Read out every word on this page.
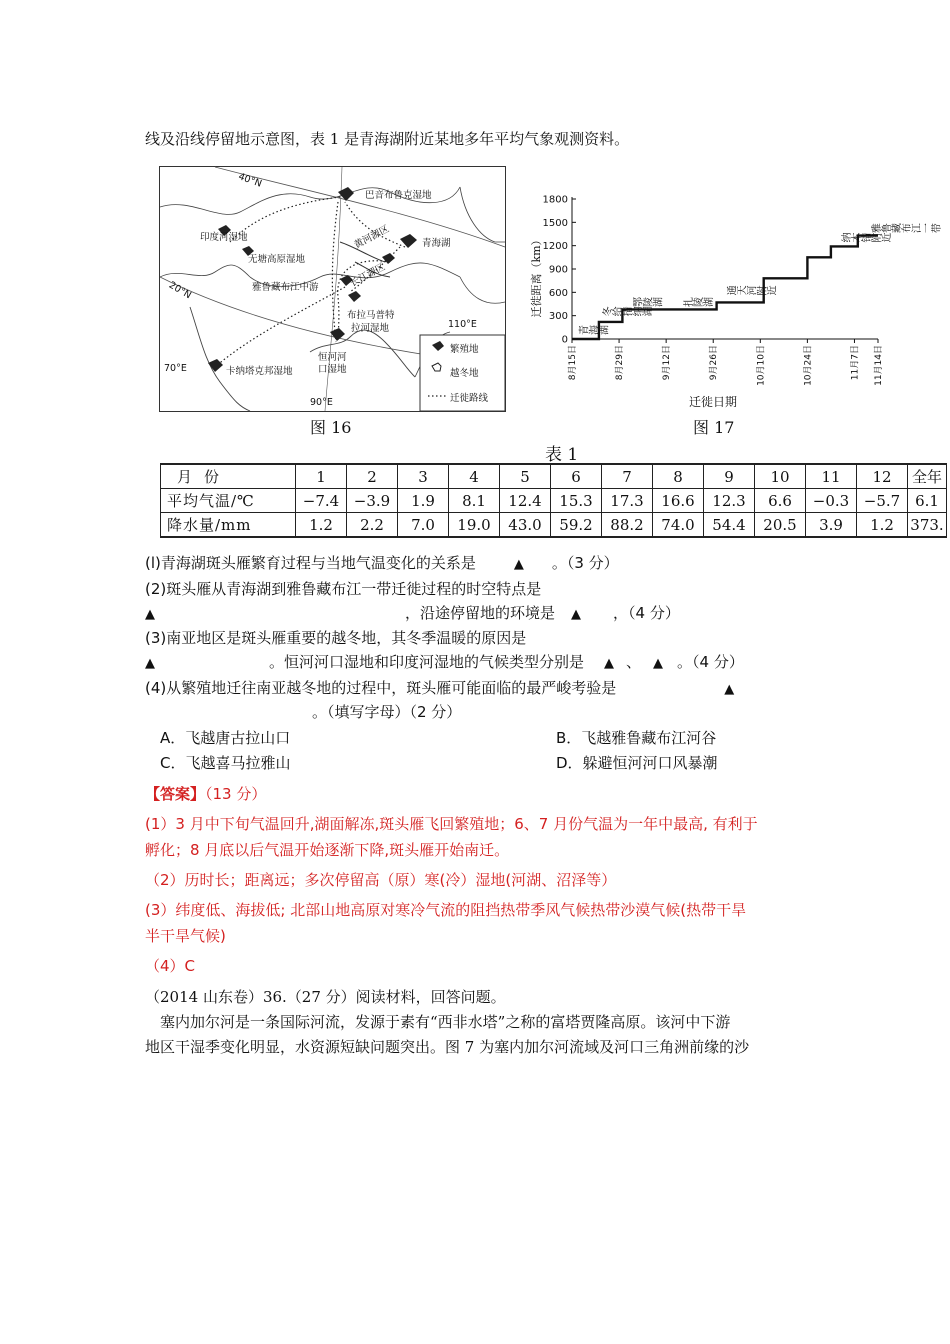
线及沿线停留地示意图，表 1 是青海湖附近某地多年平均气象观测资料。
40°N
20°N
70°E
90°E
110°E
巴音布鲁克湿地
青海湖
印度河湿地
无塘高原湿地
雅鲁藏布江中游
黄河源区
长江源区
布拉马普特
拉河湿地
恒河河
口湿地
卡纳塔克邦湿地
繁殖地
越冬地
迁徙路线
图 16
0
300
600
900
1200
1500
1800
8月15日	8月29日	9月12日	9月26日	10月10日	10月24日	11月7日 11月14日
青海湖
冬给措纳湖
鄂陵湖 扎陵湖
通天河附近
纳木错附近
雅鲁藏布江一带
迁徙距离（km）
迁徙日期
图 17
表 1
月份	1	2	3	4	5	6	7	8	9	10	11	12	全年
平均气温/℃	−7.4	−3.9	1.9	8.1	12.4	15.3	17.3	16.6	12.3	6.6	−0.3	−5.7	6.1
降水量/mm	1.2	2.2	7.0	19.0	43.0	59.2	88.2	74.0	54.4	20.5	3.9	1.2	373.
(l)青海湖斑头雁繁育过程与当地气温变化的关系是	▲ 。（3 分）
(2)斑头雁从青海湖到雅鲁藏布江一带迁徙过程的时空特点是
▲	，沿途停留地的环境是 ▲ ，（4 分）
(3)南亚地区是斑头雁重要的越冬地，其冬季温暖的原因是
▲	。恒河河口湿地和印度河湿地的气候类型分别是 ▲ 、 ▲ 。（4 分）
(4)从繁殖地迁往南亚越冬地的过程中，斑头雁可能面临的最严峻考验是	▲
。（填写字母）（2 分）
A．飞越唐古拉山口	B．飞越雅鲁藏布江河谷
C．飞越喜马拉雅山	D．躲避恒河河口风暴潮
【答案】（13 分）
(1）3 月中下旬气温回升,湖面解冻,斑头雁飞回繁殖地；6、7 月份气温为一年中最高, 有利于
孵化；8 月底以后气温开始逐渐下降,斑头雁开始南迁。
（2）历时长；距离远；多次停留高（原）寒(冷）湿地(河湖、沼泽等）
(3）纬度低、海拔低; 北部山地高原对寒冷气流的阻挡热带季风气候热带沙漠气候(热带干旱
半干旱气候)
（4）C
（2014 山东卷）36.（27 分）阅读材料，回答问题。
塞内加尔河是一条国际河流，发源于素有“西非水塔”之称的富塔贾隆高原。该河中下游
地区干湿季变化明显，水资源短缺问题突出。图 7 为塞内加尔河流域及河口三角洲前缘的沙
